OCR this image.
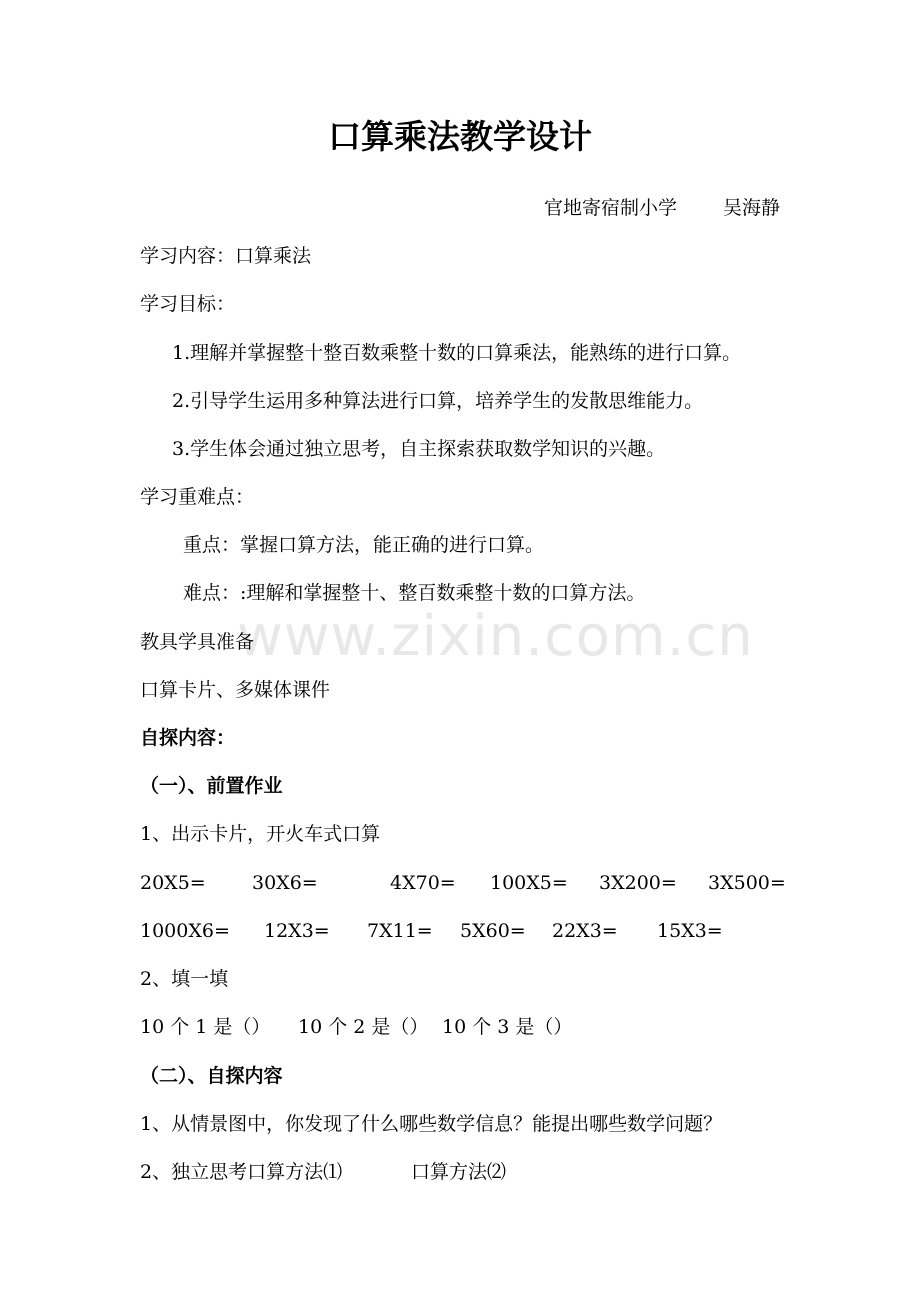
www.zixin.com.cn
口算乘法教学设计
官地寄宿制小学 吴海静
学习内容：口算乘法
学习目标：
1.理解并掌握整十整百数乘整十数的口算乘法，能熟练的进行口算。
2.引导学生运用多种算法进行口算，培养学生的发散思维能力。
3.学生体会通过独立思考，自主探索获取数学知识的兴趣。
学习重难点：
重点：掌握口算方法，能正确的进行口算。
难点：:理解和掌握整十、整百数乘整十数的口算方法。
教具学具准备
口算卡片、多媒体课件
自探内容：
（一）、前置作业
1、出示卡片，开火车式口算
20X5= 30X6=	4X70= 100X5= 3X200= 3X500=
1000X6= 12X3= 7X11= 5X60= 22X3= 15X3=
2、填一填
10 个 1 是（） 10 个 2 是（） 10 个 3 是（）
（二）、自探内容
1、从情景图中，你发现了什么哪些数学信息？能提出哪些数学问题？
2、独立思考口算方法⑴	口算方法⑵
